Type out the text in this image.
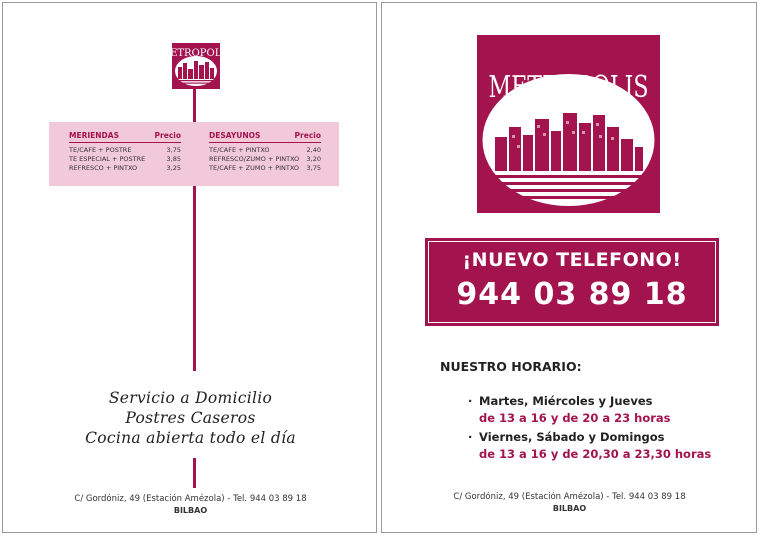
METROPOLIS
MERIENDAS	Precio
TE/CAFE + POSTRE	3,75
TE ESPECIAL + POSTRE	3,85
REFRESCO + PINTXO	3,25
DESAYUNOS	Precio
TE/CAFE + PINTXO	2,40
REFRESCO/ZUMO + PINTXO 3,20
TE/CAFE + ZUMO + PINTXO 3,75
Servicio a Domicilio
Postres Caseros
Cocina abierta todo el día
C/ Gordóniz, 49 (Estación Amézola) - Tel. 944 03 89 18
BILBAO
METROPOLIS
¡NUEVO TELEFONO!
944 03 89 18
NUESTRO HORARIO:
· Martes, Miércoles y Jueves
de 13 a 16 y de 20 a 23 horas
· Viernes, Sábado y Domingos
de 13 a 16 y de 20,30 a 23,30 horas
C/ Gordóniz, 49 (Estación Amézola) - Tel. 944 03 89 18
BILBAO
